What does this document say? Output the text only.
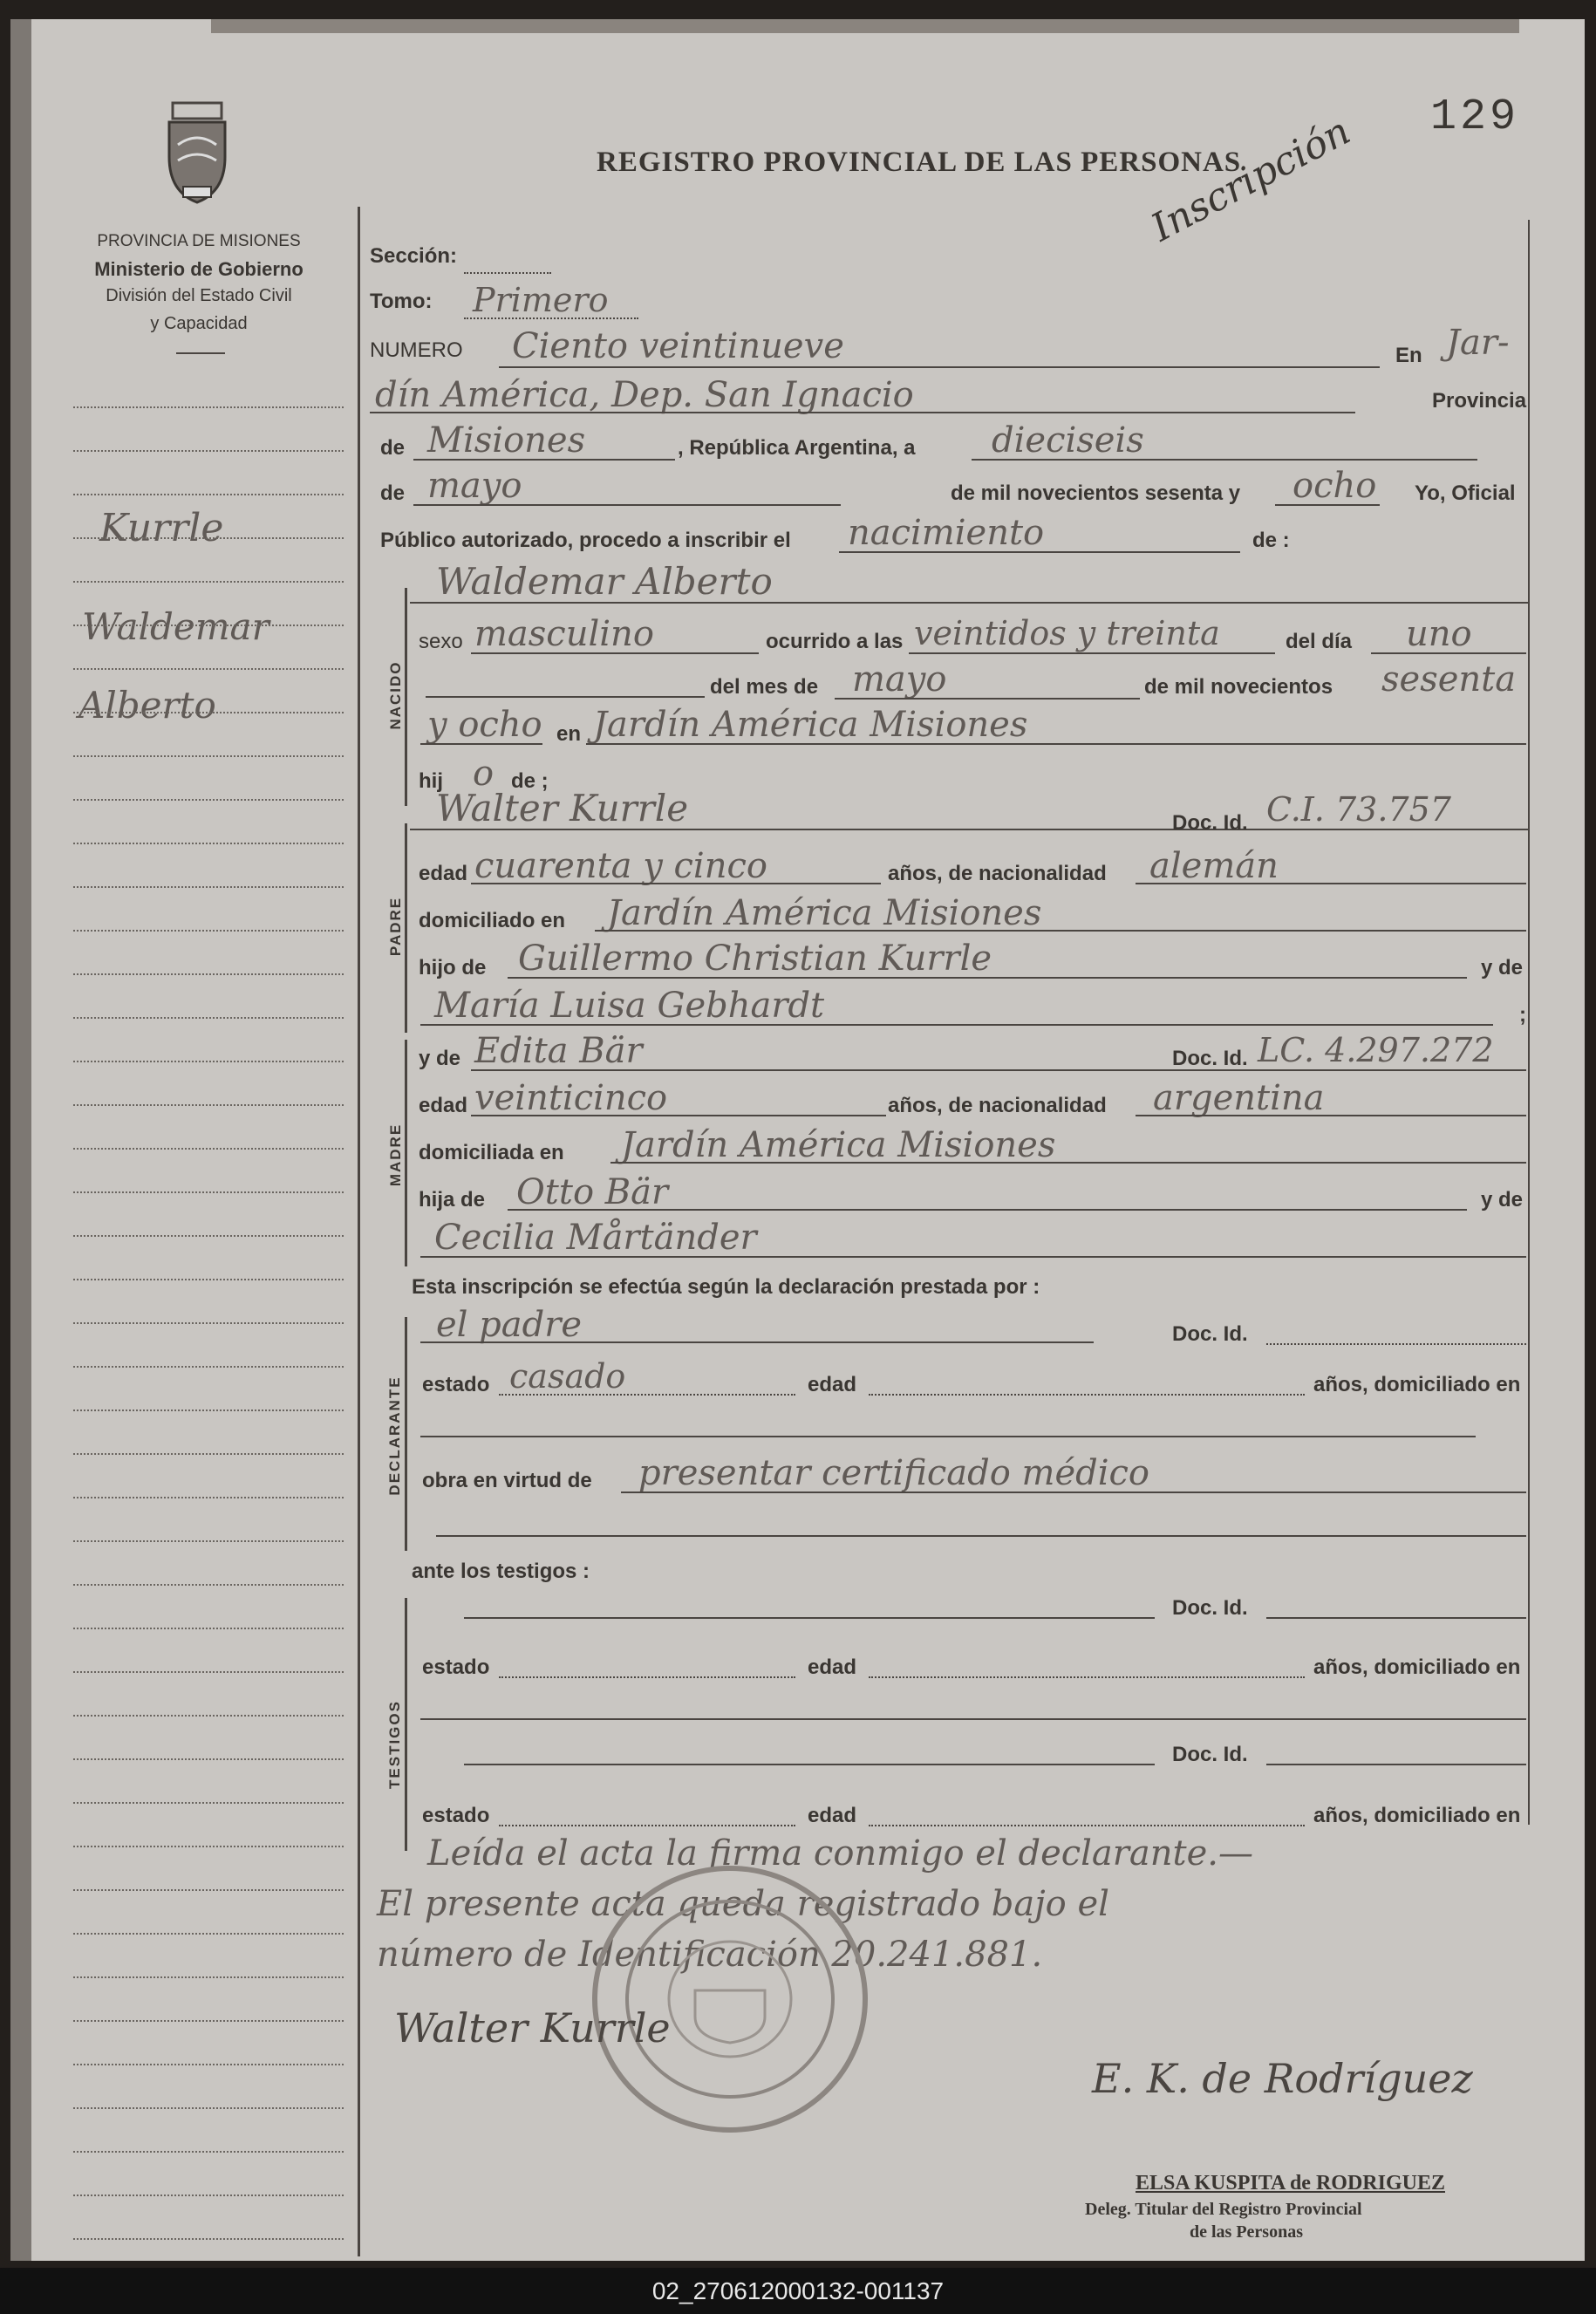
PROVINCIA DE MISIONES
Ministerio de Gobierno
División del Estado Civil
y Capacidad
REGISTRO PROVINCIAL DE LAS PERSONAS
129
Inscripción
Kurrle
Waldemar
Alberto
Sección:
Tomo: Primero
NUMERO Ciento veintinueve	En Jar-
dín América, Dep. San Ignacio	Provincia
de Misiones	, República Argentina, a dieciseis
de mayo	de mil novecientos sesenta y ocho Yo, Oficial
Público autorizado, procedo a inscribir el nacimiento	de :
NACIDO
Waldemar Alberto
sexo masculino	ocurrido a las veintidos y treinta	del día uno
del mes de mayo	de mil novecientos sesenta
y ocho en Jardín América Misiones
hij o de ;
PADRE
Walter Kurrle	Doc. Id. C.I. 73.757
edad cuarenta y cinco	años, de nacionalidad alemán
domiciliado en Jardín América Misiones
hijo de Guillermo Christian Kurrle	y de
María Luisa Gebhardt	;
MADRE
y de Edita Bär	Doc. Id. LC. 4.297.272
edad veinticinco	años, de nacionalidad argentina
domiciliada en Jardín América Misiones
hija de Otto Bär	y de
Cecilia Mårtänder
Esta inscripción se efectúa según la declaración prestada por :
DECLARANTE
el padre	Doc. Id.
estado casado	edad	años, domiciliado en
obra en virtud de presentar certificado médico
ante los testigos :
TESTIGOS
Doc. Id.
estado	edad	años, domiciliado en
Doc. Id.
estado	edad	años, domiciliado en
Leída el acta la firma conmigo el declarante.—
El presente acta queda registrado bajo el
número de Identificación 20.241.881.
Walter Kurrle
E. K. de Rodríguez
ELSA KUSPITA de RODRIGUEZ
Deleg. Titular del Registro Provincial
de las Personas
02_270612000132-001137
